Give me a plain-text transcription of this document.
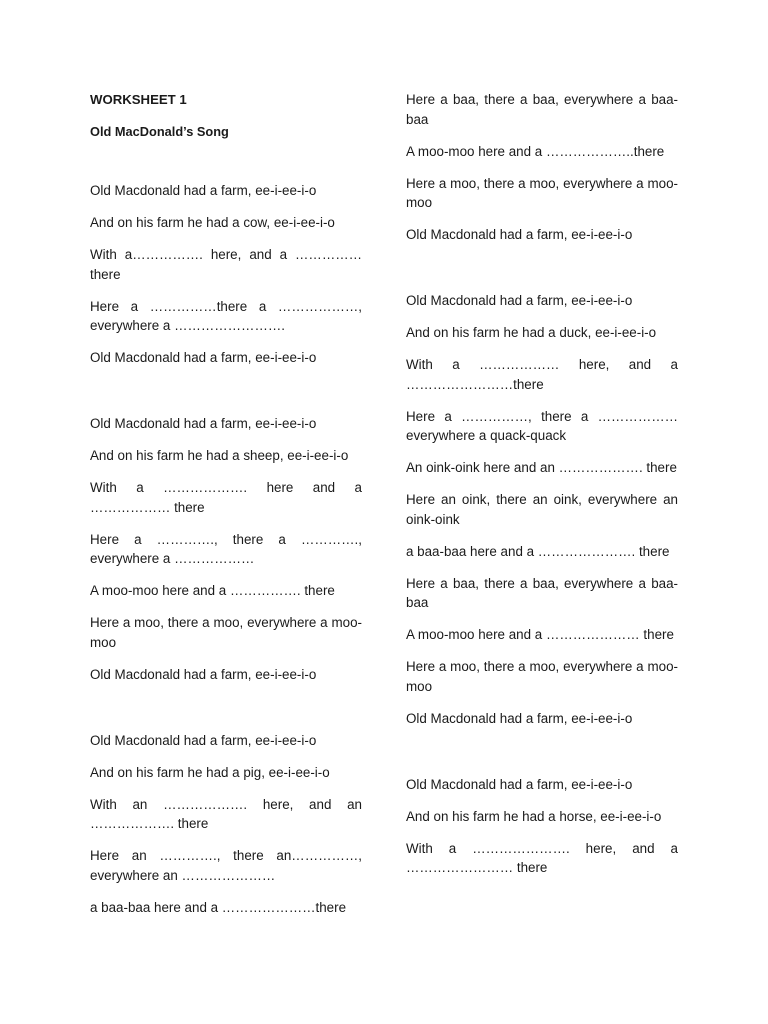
WORKSHEET 1
Old MacDonald’s Song
Old Macdonald had a farm, ee-i-ee-i-o
And on his farm he had a cow, ee-i-ee-i-o
With a……………. here, and a ……………there
Here a ……………there a ………………, everywhere a …………………….
Old Macdonald had a farm, ee-i-ee-i-o
Old Macdonald had a farm, ee-i-ee-i-o
And on his farm he had a sheep, ee-i-ee-i-o
With a ………………. here and a ……………… there
Here a …………., there a …………., everywhere a ………………
A moo-moo here and a ……………. there
Here a moo, there a moo, everywhere a moo-moo
Old Macdonald had a farm, ee-i-ee-i-o
Old Macdonald had a farm, ee-i-ee-i-o
And on his farm he had a pig, ee-i-ee-i-o
With an ………………. here, and an ………………. there
Here an …………., there an……………, everywhere an …………………
a baa-baa here and a …………………there
Here a baa, there a baa, everywhere a baa-baa
A moo-moo here and a ………………..there
Here a moo, there a moo, everywhere a moo-moo
Old Macdonald had a farm, ee-i-ee-i-o
Old Macdonald had a farm, ee-i-ee-i-o
And on his farm he had a duck, ee-i-ee-i-o
With a ……………… here, and a ……………………there
Here a ……………, there a ……………… everywhere a quack-quack
An oink-oink here and an ………………. there
Here an oink, there an oink, everywhere an oink-oink
a baa-baa here and a …………………. there
Here a baa, there a baa, everywhere a baa-baa
A moo-moo here and a ………………… there
Here a moo, there a moo, everywhere a moo-moo
Old Macdonald had a farm, ee-i-ee-i-o
Old Macdonald had a farm, ee-i-ee-i-o
And on his farm he had a horse, ee-i-ee-i-o
With a …………………. here, and a …………………… there
